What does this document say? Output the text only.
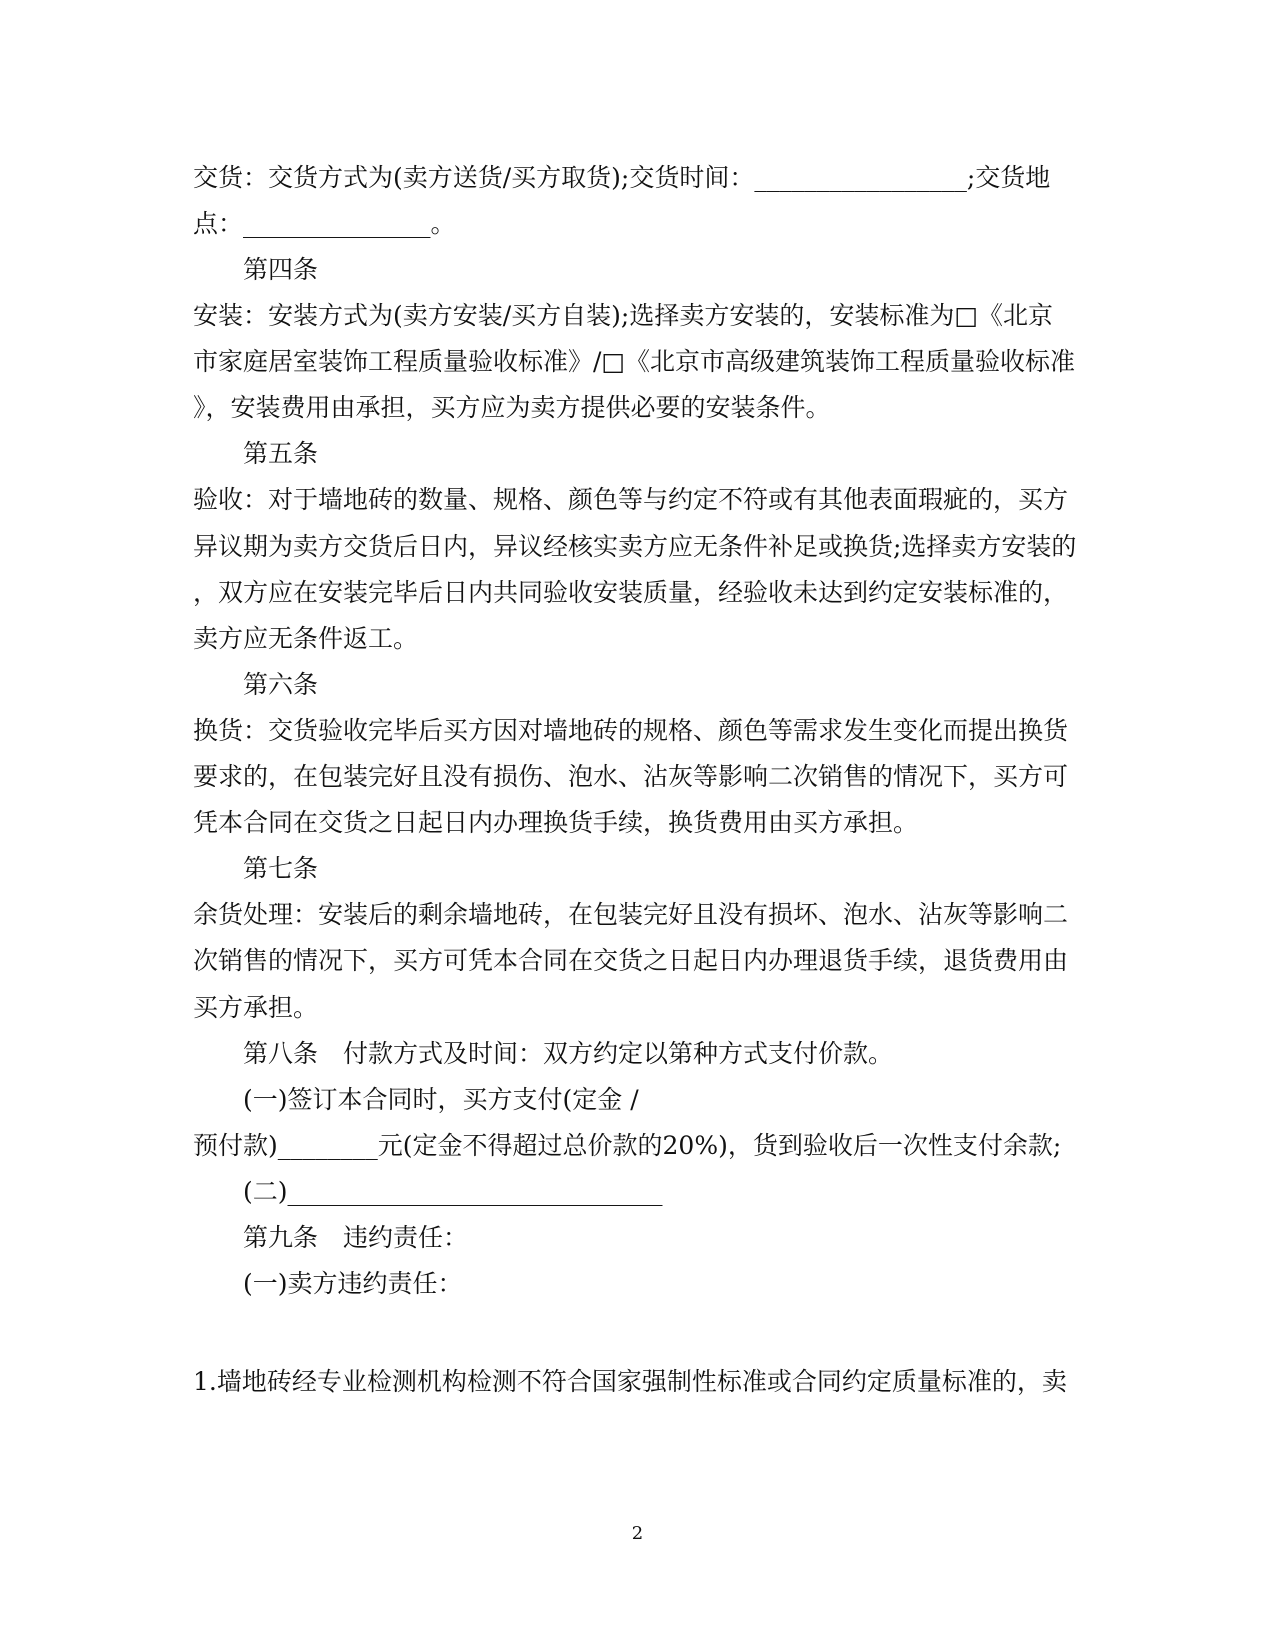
交货：交货方式为(卖方送货/买方取货);交货时间：_________________;交货地
点：_______________。
第四条
安装：安装方式为(卖方安装/买方自装);选择卖方安装的，安装标准为□《北京
市家庭居室装饰工程质量验收标准》/□《北京市高级建筑装饰工程质量验收标准
》，安装费用由承担，买方应为卖方提供必要的安装条件。
第五条
验收：对于墙地砖的数量、规格、颜色等与约定不符或有其他表面瑕疵的，买方
异议期为卖方交货后日内，异议经核实卖方应无条件补足或换货;选择卖方安装的
，双方应在安装完毕后日内共同验收安装质量，经验收未达到约定安装标准的，
卖方应无条件返工。
第六条
换货：交货验收完毕后买方因对墙地砖的规格、颜色等需求发生变化而提出换货
要求的，在包装完好且没有损伤、泡水、沾灰等影响二次销售的情况下，买方可
凭本合同在交货之日起日内办理换货手续，换货费用由买方承担。
第七条
余货处理：安装后的剩余墙地砖，在包装完好且没有损坏、泡水、沾灰等影响二
次销售的情况下，买方可凭本合同在交货之日起日内办理退货手续，退货费用由
买方承担。
第八条　付款方式及时间：双方约定以第种方式支付价款。
(一)签订本合同时，买方支付(定金 /
预付款)________元(定金不得超过总价款的20%)，货到验收后一次性支付余款;
(二)______________________________
第九条　违约责任：
(一)卖方违约责任：
1.墙地砖经专业检测机构检测不符合国家强制性标准或合同约定质量标准的，卖
2
